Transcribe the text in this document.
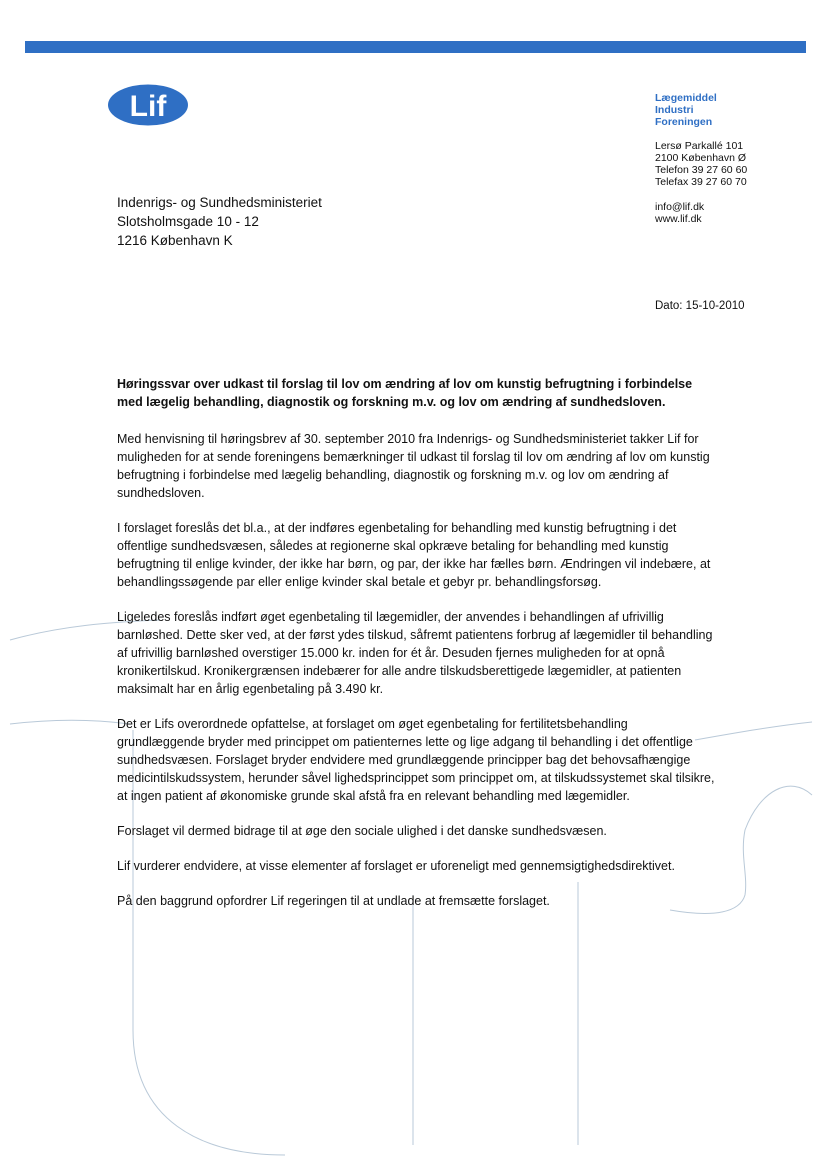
Lif	Lægemiddel
Industri
Foreningen
Lersø Parkallé 101
2100 København Ø
Telefon 39 27 60 60
Telefax 39 27 60 70
info@lif.dk
www.lif.dk
Indenrigs- og Sundhedsministeriet
Slotsholmsgade 10 - 12
1216 København K
Dato: 15-10-2010
Høringssvar over udkast til forslag til lov om ændring af lov om kunstig befrugtning i forbindelse med lægelig behandling, diagnostik og forskning m.v. og lov om ændring af sundhedsloven.

Med henvisning til høringsbrev af 30. september 2010 fra Indenrigs- og Sundhedsministeriet takker Lif for muligheden for at sende foreningens bemærkninger til udkast til forslag til lov om ændring af lov om kunstig befrugtning i forbindelse med lægelig behandling, diagnostik og forskning m.v. og lov om ændring af sundhedsloven.

I forslaget foreslås det bl.a., at der indføres egenbetaling for behandling med kunstig befrugtning i det offentlige sundhedsvæsen, således at regionerne skal opkræve betaling for behandling med kunstig befrugtning til enlige kvinder, der ikke har børn, og par, der ikke har fælles børn. Ændringen vil indebære, at behandlingssøgende par eller enlige kvinder skal betale et gebyr pr. behandlingsforsøg.

Ligeledes foreslås indført øget egenbetaling til lægemidler, der anvendes i behandlingen af ufrivillig barnløshed. Dette sker ved, at der først ydes tilskud, såfremt patientens forbrug af lægemidler til behandling af ufrivillig barnløshed overstiger 15.000 kr. inden for ét år. Desuden fjernes muligheden for at opnå kronikertilskud. Kronikergrænsen indebærer for alle andre tilskudsberettigede lægemidler, at patienten maksimalt har en årlig egenbetaling på 3.490 kr.

Det er Lifs overordnede opfattelse, at forslaget om øget egenbetaling for fertilitetsbehandling grundlæggende bryder med princippet om patienternes lette og lige adgang til behandling i det offentlige sundhedsvæsen. Forslaget bryder endvidere med grundlæggende principper bag det behovsafhængige medicintilskudssystem, herunder såvel lighedsprincippet som princippet om, at tilskudssystemet skal tilsikre, at ingen patient af økonomiske grunde skal afstå fra en relevant behandling med lægemidler.

Forslaget vil dermed bidrage til at øge den sociale ulighed i det danske sundhedsvæsen.

Lif vurderer endvidere, at visse elementer af forslaget er uforeneligt med gennemsigtighedsdirektivet.

På den baggrund opfordrer Lif regeringen til at undlade at fremsætte forslaget.
